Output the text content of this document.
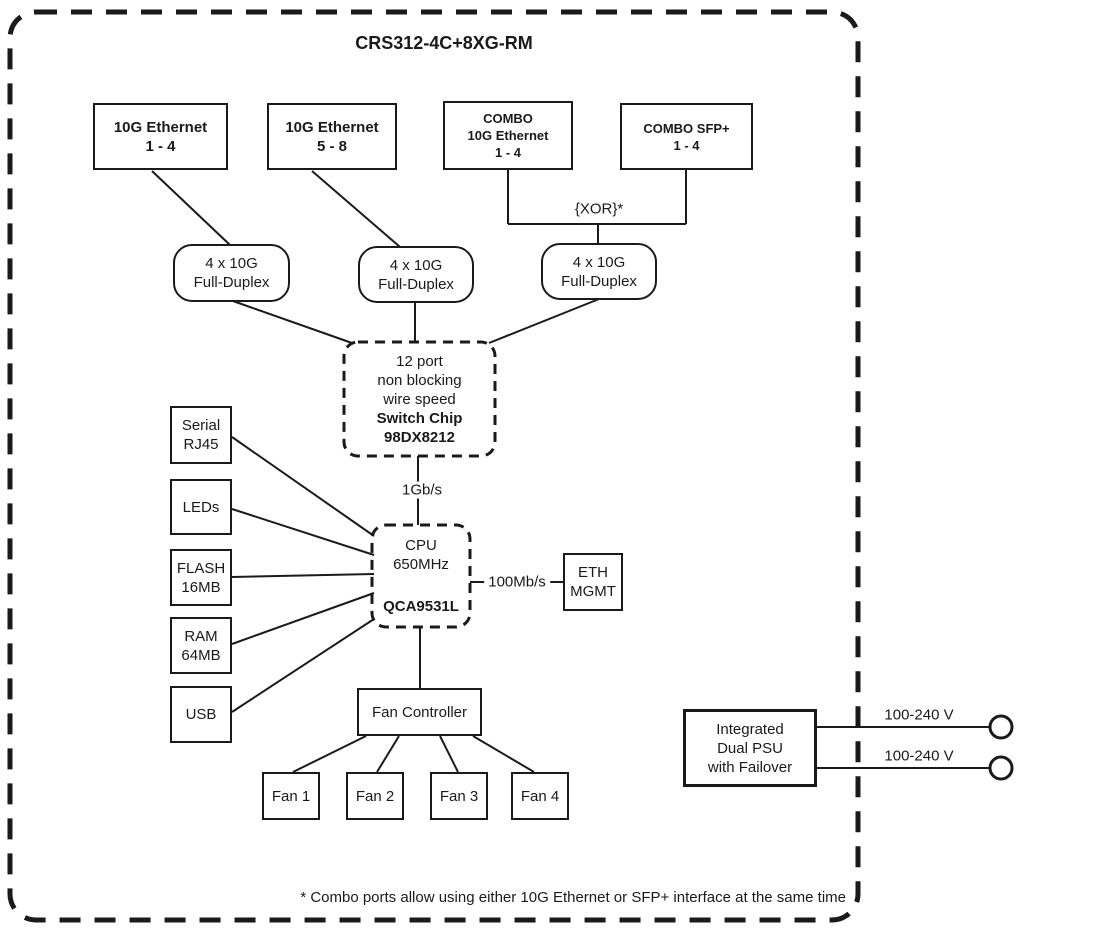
CRS312-4C+8XG-RM
10G Ethernet
1 - 4
10G Ethernet
5 - 8
COMBO
10G Ethernet
1 - 4
COMBO SFP+
1 - 4
4 x 10G
Full-Duplex
4 x 10G
Full-Duplex
4 x 10G
Full-Duplex
12 port
non blocking
wire speed
Switch Chip
98DX8212
Serial
RJ45
LEDs
FLASH
16MB
RAM
64MB
USB
CPU
650MHz
QCA9531L
ETH
MGMT
Fan Controller
Fan 1	Fan 2	Fan 3	Fan 4
Integrated
Dual PSU
with Failover
{XOR}*
1Gb/s
100Mb/s
100-240 V
100-240 V
* Combo ports allow using either 10G Ethernet or SFP+ interface at the same time
